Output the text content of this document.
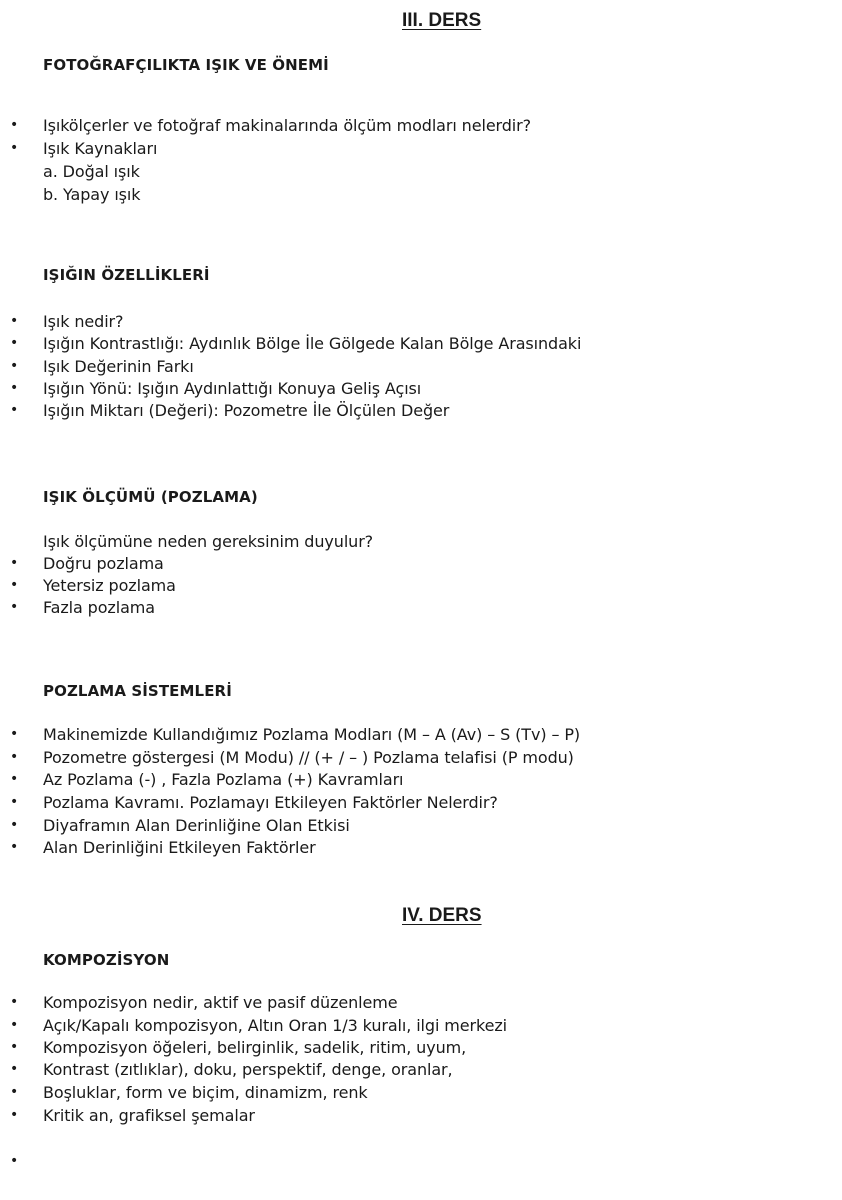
III. DERS
FOTOĞRAFÇILIKTA IŞIK VE ÖNEMİ
• Işıkölçerler ve fotoğraf makinalarında ölçüm modları nelerdir?
• Işık Kaynakları
a. Doğal ışık
b. Yapay ışık
IŞIĞIN ÖZELLİKLERİ
• Işık nedir?
• Işığın Kontrastlığı: Aydınlık Bölge İle Gölgede Kalan Bölge Arasındaki
• Işık Değerinin Farkı
• Işığın Yönü: Işığın Aydınlattığı Konuya Geliş Açısı
• Işığın Miktarı (Değeri): Pozometre İle Ölçülen Değer
IŞIK ÖLÇÜMÜ (POZLAMA)
Işık ölçümüne neden gereksinim duyulur?
• Doğru pozlama
• Yetersiz pozlama
• Fazla pozlama
POZLAMA SİSTEMLERİ
• Makinemizde Kullandığımız Pozlama Modları (M – A (Av) – S (Tv) – P)
• Pozometre göstergesi (M Modu) // (+ / – ) Pozlama telafisi (P modu)
• Az Pozlama (-) , Fazla Pozlama (+) Kavramları
• Pozlama Kavramı. Pozlamayı Etkileyen Faktörler Nelerdir?
• Diyaframın Alan Derinliğine Olan Etkisi
• Alan Derinliğini Etkileyen Faktörler
IV. DERS
KOMPOZİSYON
• Kompozisyon nedir, aktif ve pasif düzenleme
• Açık/Kapalı kompozisyon, Altın Oran 1/3 kuralı, ilgi merkezi
• Kompozisyon öğeleri, belirginlik, sadelik, ritim, uyum,
• Kontrast (zıtlıklar), doku, perspektif, denge, oranlar,
• Boşluklar, form ve biçim, dinamizm, renk
• Kritik an, grafiksel şemalar
•
